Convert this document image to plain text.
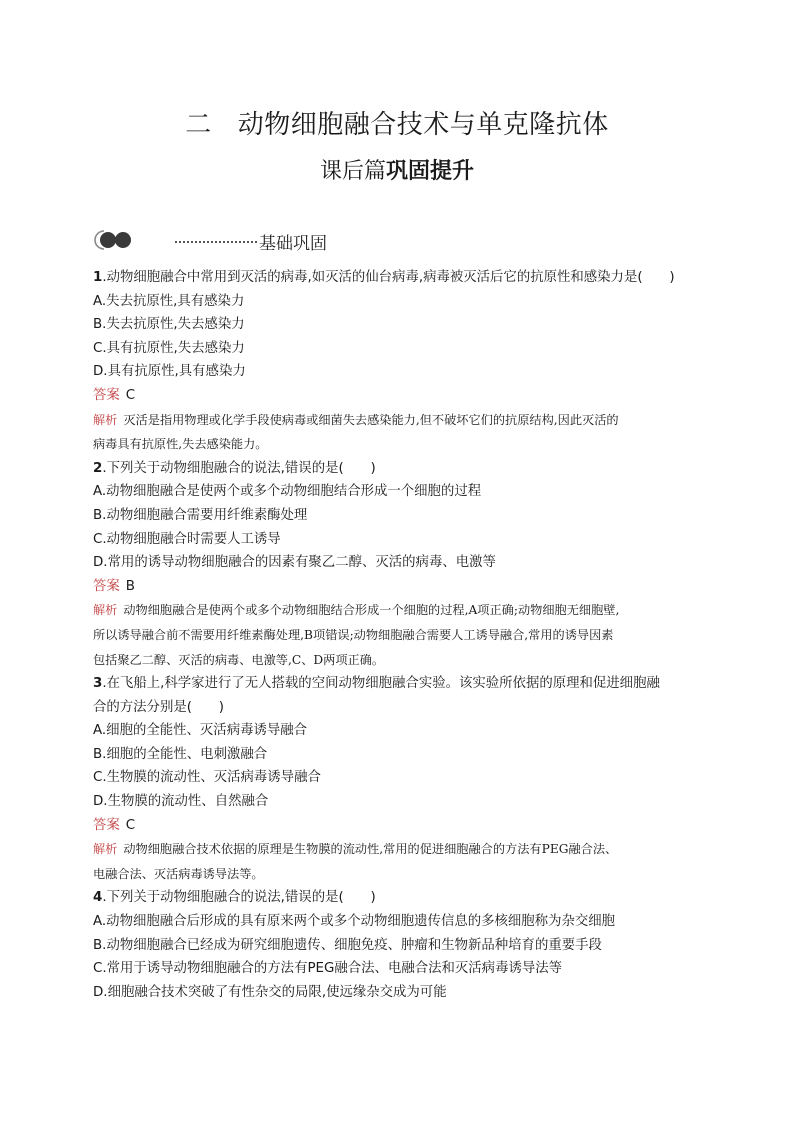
二 动物细胞融合技术与单克隆抗体
课后篇巩固提升
基础巩固
1.动物细胞融合中常用到灭活的病毒,如灭活的仙台病毒,病毒被灭活后它的抗原性和感染力是(　　)
A.失去抗原性,具有感染力
B.失去抗原性,失去感染力
C.具有抗原性,失去感染力
D.具有抗原性,具有感染力
答案 C
解析 灭活是指用物理或化学手段使病毒或细菌失去感染能力,但不破坏它们的抗原结构,因此灭活的
病毒具有抗原性,失去感染能力。
2.下列关于动物细胞融合的说法,错误的是(　　)
A.动物细胞融合是使两个或多个动物细胞结合形成一个细胞的过程
B.动物细胞融合需要用纤维素酶处理
C.动物细胞融合时需要人工诱导
D.常用的诱导动物细胞融合的因素有聚乙二醇、灭活的病毒、电激等
答案 B
解析 动物细胞融合是使两个或多个动物细胞结合形成一个细胞的过程,A项正确;动物细胞无细胞壁,
所以诱导融合前不需要用纤维素酶处理,B项错误;动物细胞融合需要人工诱导融合,常用的诱导因素
包括聚乙二醇、灭活的病毒、电激等,C、D两项正确。
3.在飞船上,科学家进行了无人搭载的空间动物细胞融合实验。该实验所依据的原理和促进细胞融
合的方法分别是(　　)
A.细胞的全能性、灭活病毒诱导融合
B.细胞的全能性、电刺激融合
C.生物膜的流动性、灭活病毒诱导融合
D.生物膜的流动性、自然融合
答案 C
解析 动物细胞融合技术依据的原理是生物膜的流动性,常用的促进细胞融合的方法有PEG融合法、
电融合法、灭活病毒诱导法等。
4.下列关于动物细胞融合的说法,错误的是(　　)
A.动物细胞融合后形成的具有原来两个或多个动物细胞遗传信息的多核细胞称为杂交细胞
B.动物细胞融合已经成为研究细胞遗传、细胞免疫、肿瘤和生物新品种培育的重要手段
C.常用于诱导动物细胞融合的方法有PEG融合法、电融合法和灭活病毒诱导法等
D.细胞融合技术突破了有性杂交的局限,使远缘杂交成为可能
